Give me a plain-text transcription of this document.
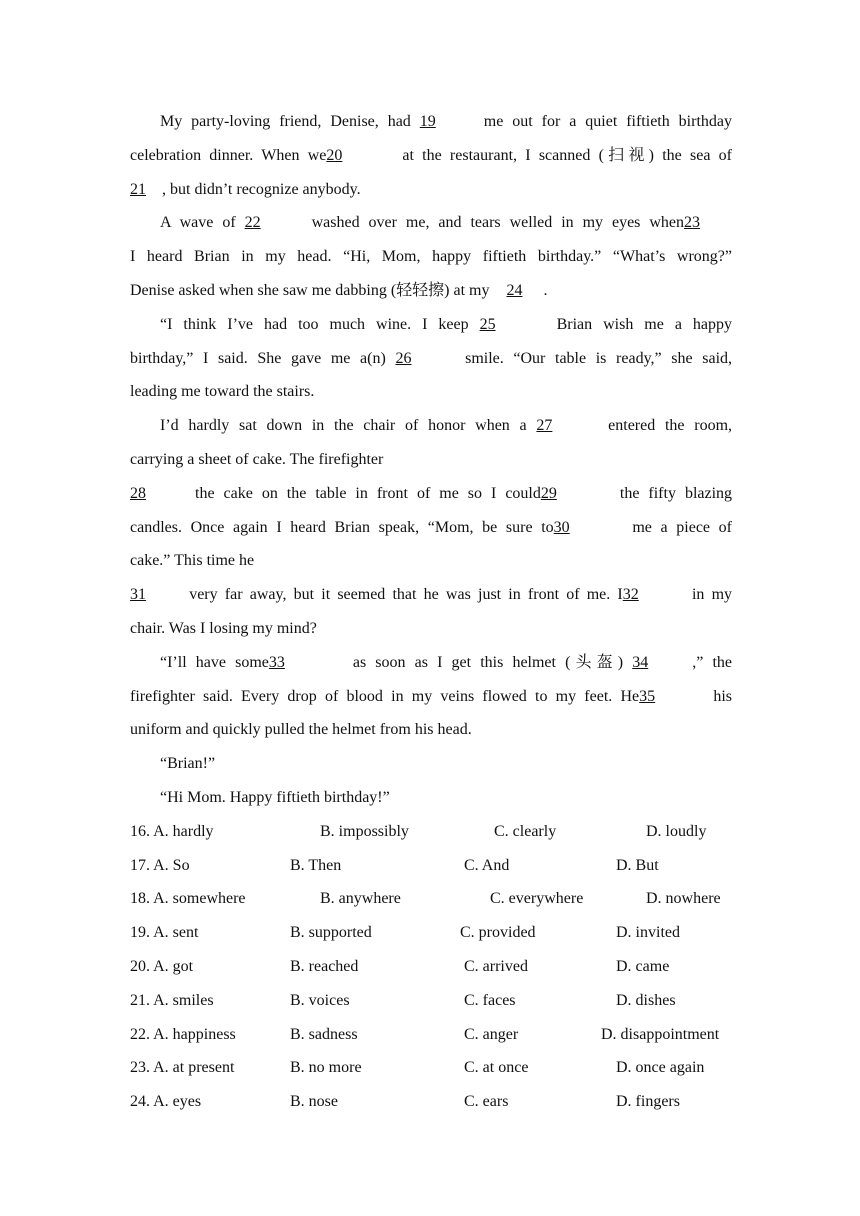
My party-loving friend, Denise, had 19	me out for a quiet fiftieth birthday
celebration dinner. When we20	at the restaurant, I scanned (扫视) the sea of
21 , but didn’t recognize anybody.
A wave of 22	washed over me, and tears welled in my eyes when23
I heard Brian in my head. “Hi, Mom, happy fiftieth birthday.” “What’s wrong?”
Denise asked when she saw me dabbing (轻轻擦) at my 24 .
“I think I’ve had too much wine. I keep 25	Brian wish me a happy
birthday,” I said. She gave me a(n) 26	smile. “Our table is ready,” she said,
leading me toward the stairs.
I’d hardly sat down in the chair of honor when a 27	entered the room,
carrying a sheet of cake. The firefighter
28	the cake on the table in front of me so I could29	the fifty blazing
candles. Once again I heard Brian speak, “Mom, be sure to30	me a piece of
cake.” This time he
31	very far away, but it seemed that he was just in front of me. I32	in my
chair. Was I losing my mind?
“I’ll have some33	as soon as I get this helmet (头盔) 34	,” the
firefighter said. Every drop of blood in my veins flowed to my feet. He35	his
uniform and quickly pulled the helmet from his head.
“Brian!”
“Hi Mom. Happy fiftieth birthday!”
16. A. hardly	B. impossibly	C. clearly	D. loudly
17. A. So	B. Then	C. And	D. But
18. A. somewhere	B. anywhere	C. everywhere	D. nowhere
19. A. sent	B. supported	C. provided	D. invited
20. A. got	B. reached	C. arrived	D. came
21. A. smiles	B. voices	C. faces	D. dishes
22. A. happiness	B. sadness	C. anger	D. disappointment
23. A. at present	B. no more	C. at once	D. once again
24. A. eyes	B. nose	C. ears	D. fingers
